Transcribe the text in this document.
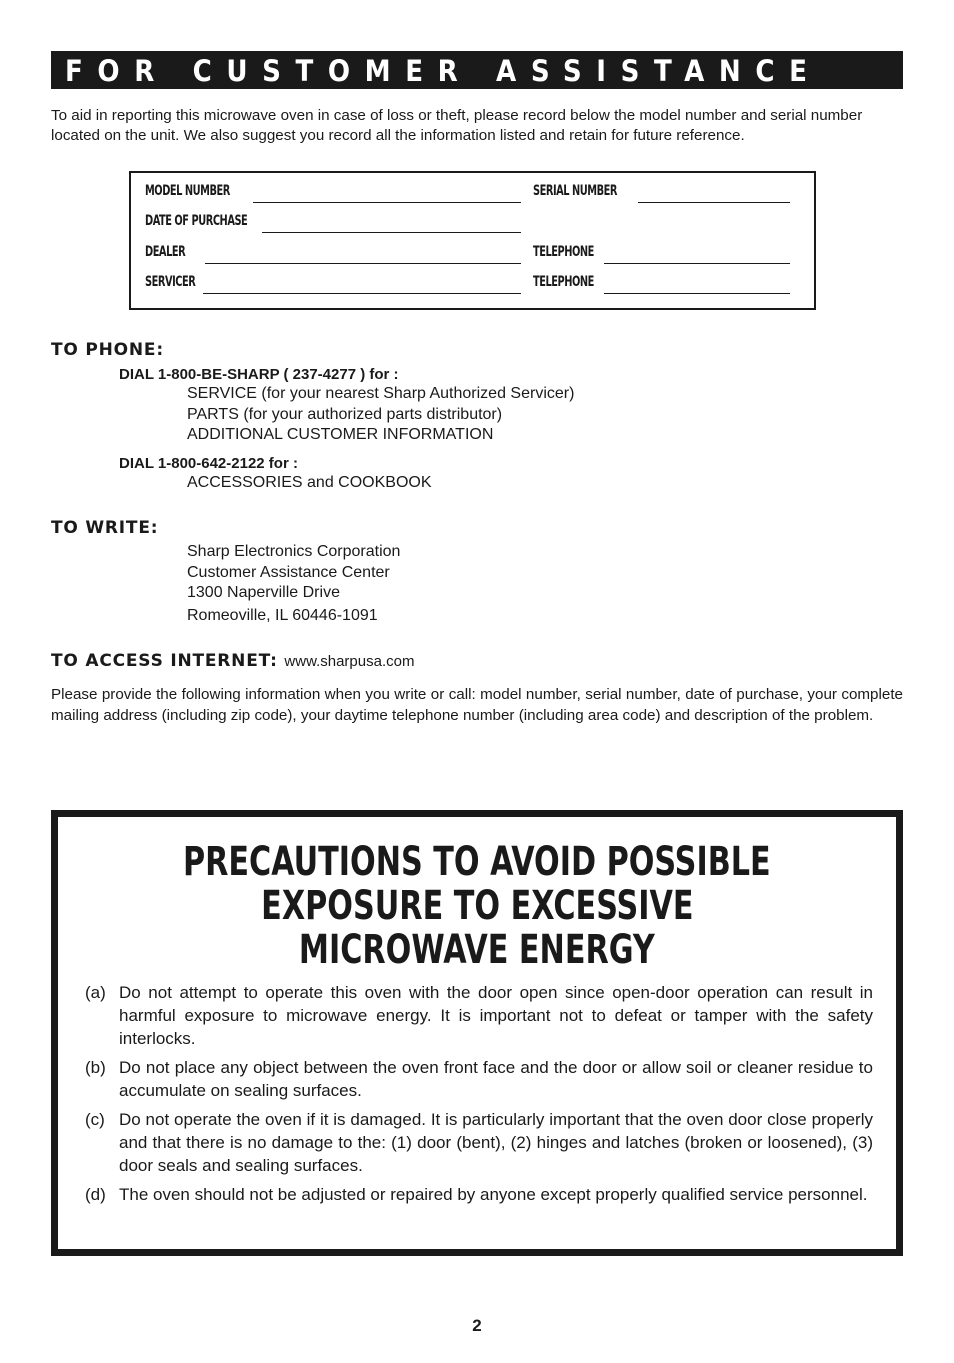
FOR CUSTOMER ASSISTANCE

To aid in reporting this microwave oven in case of loss or theft, please record below the model number and serial number located on the unit. We also suggest you record all the information listed and retain for future reference.

MODEL NUMBER	SERIAL NUMBER
DATE OF PURCHASE
DEALER	TELEPHONE
SERVICER	TELEPHONE
TO PHONE:
DIAL 1-800-BE-SHARP ( 237-4277 ) for :
SERVICE (for your nearest Sharp Authorized Servicer)
PARTS (for your authorized parts distributor)
ADDITIONAL CUSTOMER INFORMATION
DIAL 1-800-642-2122 for :
ACCESSORIES and COOKBOOK
TO WRITE:
Sharp Electronics Corporation
Customer Assistance Center
1300 Naperville Drive
Romeoville, IL 60446-1091
TO ACCESS INTERNET: www.sharpusa.com

Please provide the following information when you write or call: model number, serial number, date of purchase, your complete mailing address (including zip code), your daytime telephone number (including area code) and description of the problem.

PRECAUTIONS TO AVOID POSSIBLE
EXPOSURE TO EXCESSIVE
MICROWAVE ENERGY
(a) Do not attempt to operate this oven with the door open since open-door operation can result in harmful exposure to microwave energy. It is important not to defeat or tamper with the safety interlocks.
(b) Do not place any object between the oven front face and the door or allow soil or cleaner residue to accumulate on sealing surfaces.
(c) Do not operate the oven if it is damaged. It is particularly important that the oven door close properly and that there is no damage to the: (1) door (bent), (2) hinges and latches (broken or loosened), (3) door seals and sealing surfaces.
(d) The oven should not be adjusted or repaired by anyone except properly qualified service personnel.
2
